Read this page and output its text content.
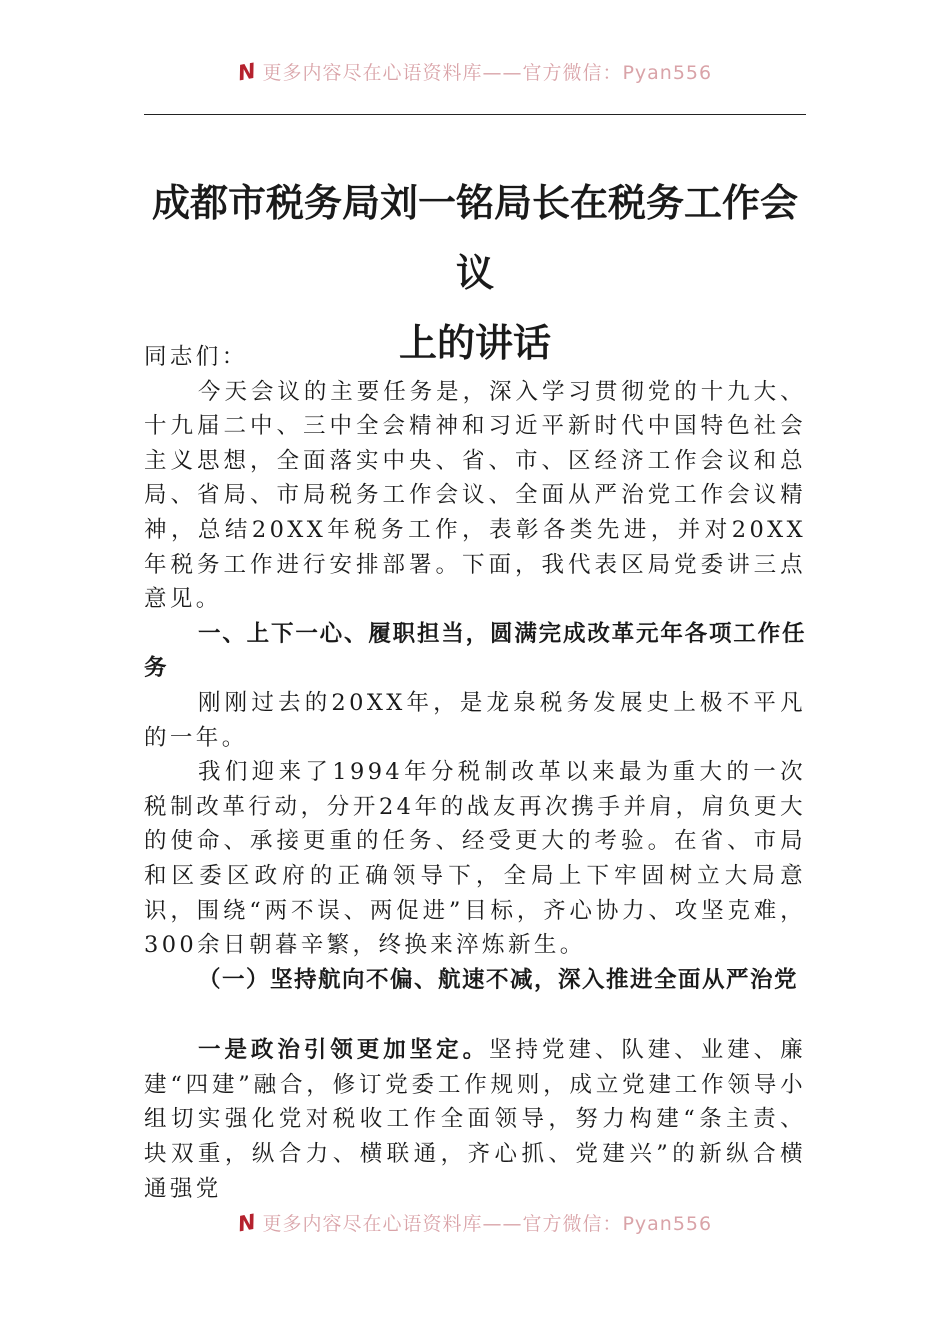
N 更多内容尽在心语资料库——官方微信：Pyan556
成都市税务局刘一铭局长在税务工作会议
上的讲话

同志们：

今天会议的主要任务是，深入学习贯彻党的十九大、十九届二中、三中全会精神和习近平新时代中国特色社会主义思想，全面落实中央、省、市、区经济工作会议和总局、省局、市局税务工作会议、全面从严治党工作会议精神，总结20XX年税务工作，表彰各类先进，并对20XX年税务工作进行安排部署。下面，我代表区局党委讲三点意见。

一、上下一心、履职担当，圆满完成改革元年各项工作任务

刚刚过去的20XX年，是龙泉税务发展史上极不平凡的一年。

我们迎来了1994年分税制改革以来最为重大的一次税制改革行动，分开24年的战友再次携手并肩，肩负更大的使命、承接更重的任务、经受更大的考验。在省、市局和区委区政府的正确领导下，全局上下牢固树立大局意识，围绕“两不误、两促进”目标，齐心协力、攻坚克难，300余日朝暮辛繁，终换来淬炼新生。

（一）坚持航向不偏、航速不减，深入推进全面从严治党

一是政治引领更加坚定。坚持党建、队建、业建、廉建“四建”融合，修订党委工作规则，成立党建工作领导小组切实强化党对税收工作全面领导，努力构建“条主责、块双重，纵合力、横联通，齐心抓、党建兴”的新纵合横通强党

N 更多内容尽在心语资料库——官方微信：Pyan556
